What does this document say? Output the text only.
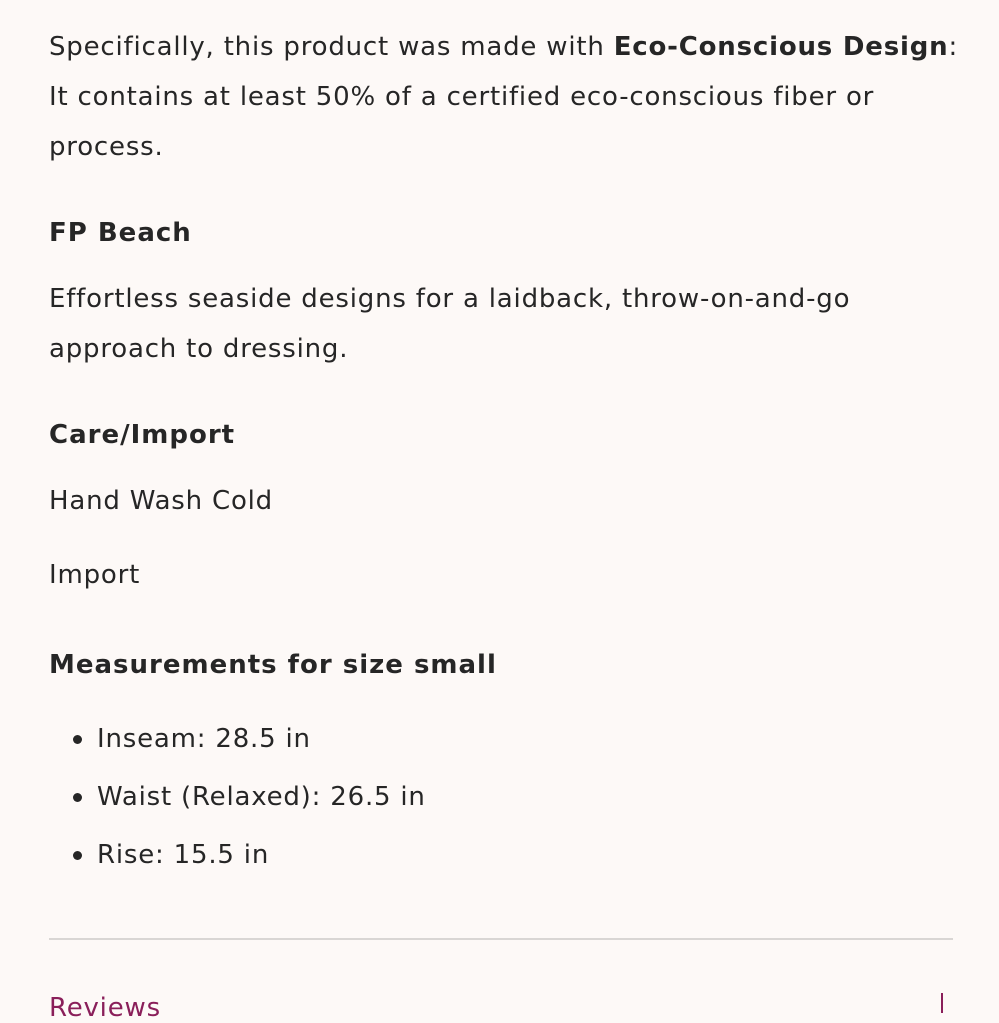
Specifically, this product was made with Eco-Conscious Design: It contains at least 50% of a certified eco-conscious fiber or process.

FP Beach

Effortless seaside designs for a laidback, throw-on-and-go approach to dressing.

Care/Import

Hand Wash Cold

Import

Measurements for size small
Inseam: 28.5 in
Waist (Relaxed): 26.5 in
Rise: 15.5 in
Reviews
